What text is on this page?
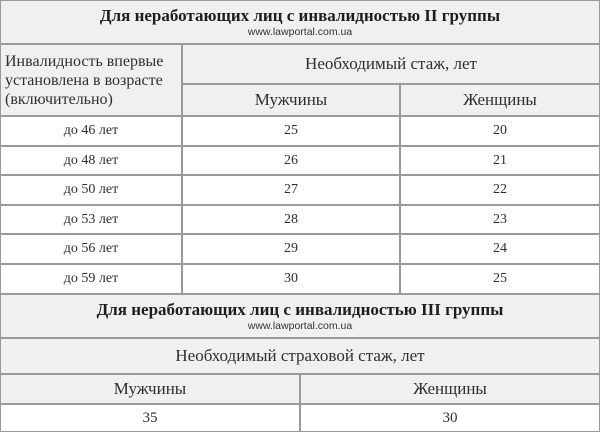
Для неработающих лиц с инвалидностью II группы
www.lawportal.com.ua
Инвалидность впервые установлена в возрасте (включительно)
Необходимый стаж, лет
Мужчины	Женщины
до 46 лет	25	20
до 48 лет	26	21
до 50 лет	27	22
до 53 лет	28	23
до 56 лет	29	24
до 59 лет	30	25
Для неработающих лиц с инвалидностью III группы
www.lawportal.com.ua
Необходимый страховой стаж, лет
Мужчины	Женщины
35	30
